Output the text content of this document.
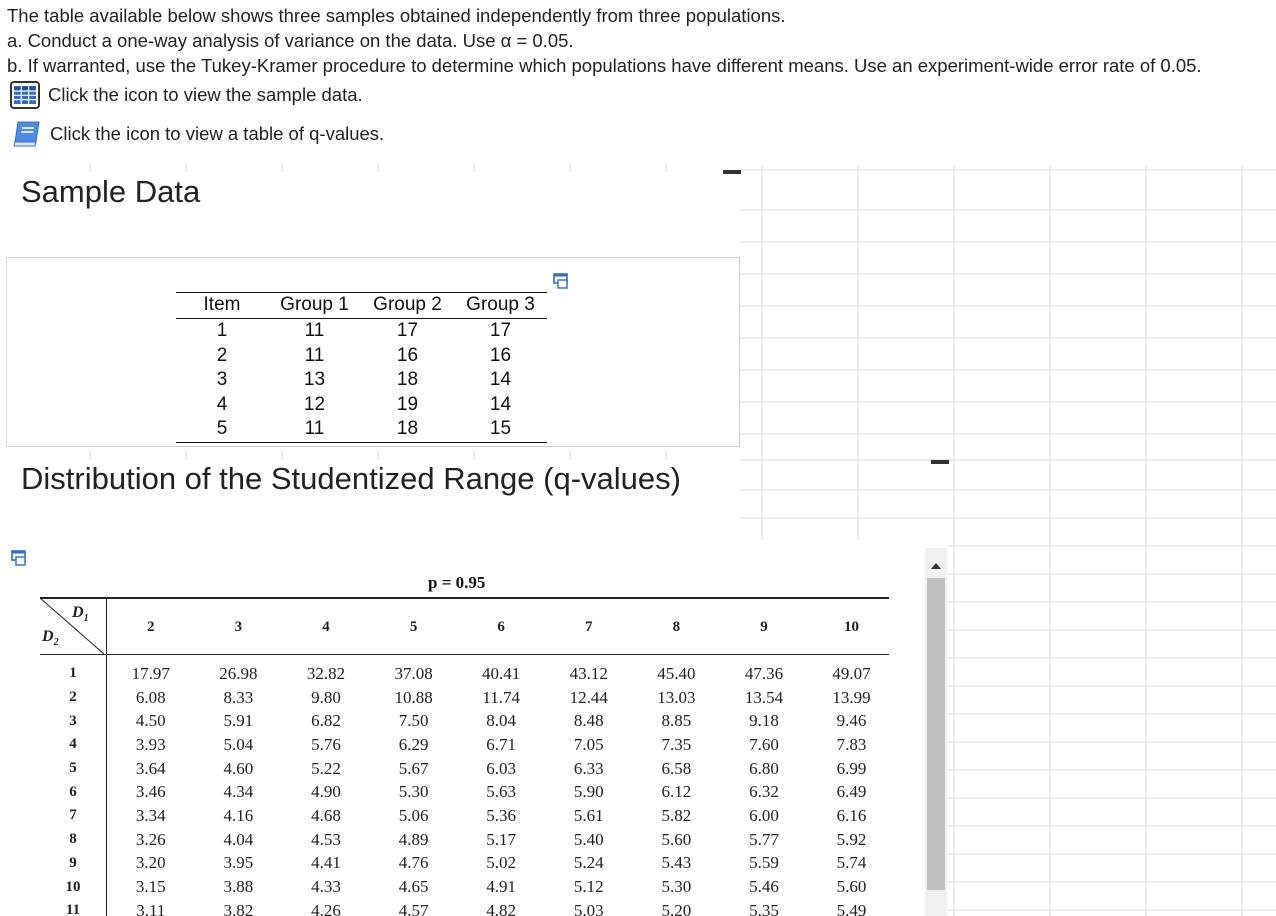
The table available below shows three samples obtained independently from three populations.
a. Conduct a one-way analysis of variance on the data. Use α = 0.05.
b. If warranted, use the Tukey-Kramer procedure to determine which populations have different means. Use an experiment-wide error rate of 0.05.
Click the icon to view the sample data.
Click the icon to view a table of q-values.
Sample Data
Item	Group 1	Group 2	Group 3
1	11	17	17
2	11	16	16
3	13	18	14
4	12	19	14
5	11	18	15
Distribution of the Studentized Range (q-values)
p = 0.95
$D_1$
$D_2$	2	3	4	5	6	7	8	9	10
1	17.97	26.98	32.82	37.08	40.41	43.12	45.40	47.36	49.07
2	6.08	8.33	9.80	10.88	11.74	12.44	13.03	13.54	13.99
3	4.50	5.91	6.82	7.50	8.04	8.48	8.85	9.18	9.46
4	3.93	5.04	5.76	6.29	6.71	7.05	7.35	7.60	7.83
5	3.64	4.60	5.22	5.67	6.03	6.33	6.58	6.80	6.99
6	3.46	4.34	4.90	5.30	5.63	5.90	6.12	6.32	6.49
7	3.34	4.16	4.68	5.06	5.36	5.61	5.82	6.00	6.16
8	3.26	4.04	4.53	4.89	5.17	5.40	5.60	5.77	5.92
9	3.20	3.95	4.41	4.76	5.02	5.24	5.43	5.59	5.74
10	3.15	3.88	4.33	4.65	4.91	5.12	5.30	5.46	5.60
11	3.11	3.82	4.26	4.57	4.82	5.03	5.20	5.35	5.49
